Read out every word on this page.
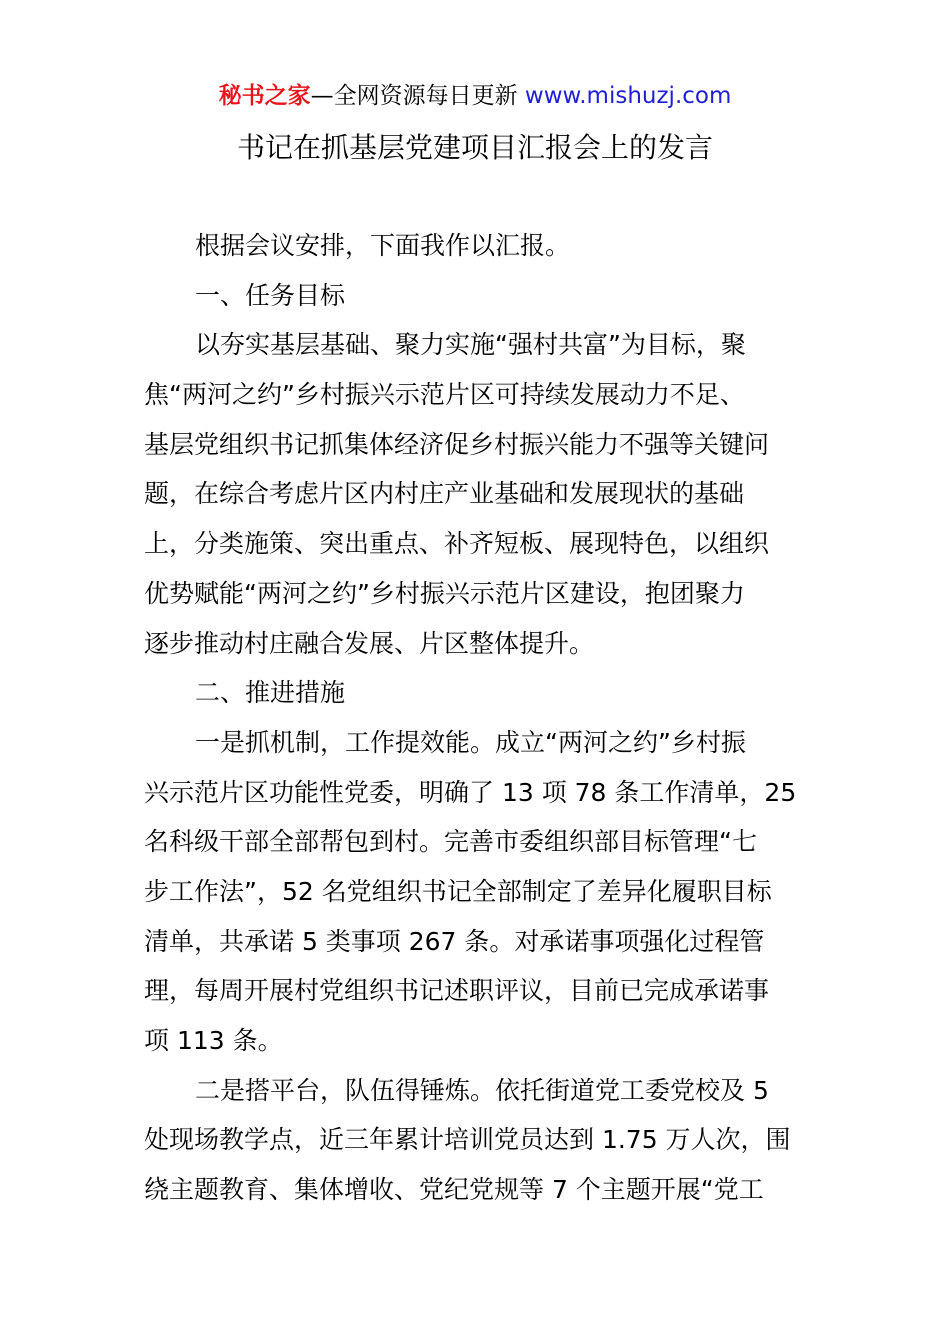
秘书之家—全网资源每日更新 www.mishuzj.com
书记在抓基层党建项目汇报会上的发言
根据会议安排，下面我作以汇报。
一、任务目标
以夯实基层基础、聚力实施“强村共富”为目标，聚
焦“两河之约”乡村振兴示范片区可持续发展动力不足、
基层党组织书记抓集体经济促乡村振兴能力不强等关键问
题，在综合考虑片区内村庄产业基础和发展现状的基础
上，分类施策、突出重点、补齐短板、展现特色，以组织
优势赋能“两河之约”乡村振兴示范片区建设，抱团聚力
逐步推动村庄融合发展、片区整体提升。
二、推进措施
一是抓机制，工作提效能。成立“两河之约”乡村振
兴示范片区功能性党委，明确了 13 项 78 条工作清单，25
名科级干部全部帮包到村。完善市委组织部目标管理“七
步工作法”，52 名党组织书记全部制定了差异化履职目标
清单，共承诺 5 类事项 267 条。对承诺事项强化过程管
理，每周开展村党组织书记述职评议，目前已完成承诺事
项 113 条。
二是搭平台，队伍得锤炼。依托街道党工委党校及 5
处现场教学点，近三年累计培训党员达到 1.75 万人次，围
绕主题教育、集体增收、党纪党规等 7 个主题开展“党工
